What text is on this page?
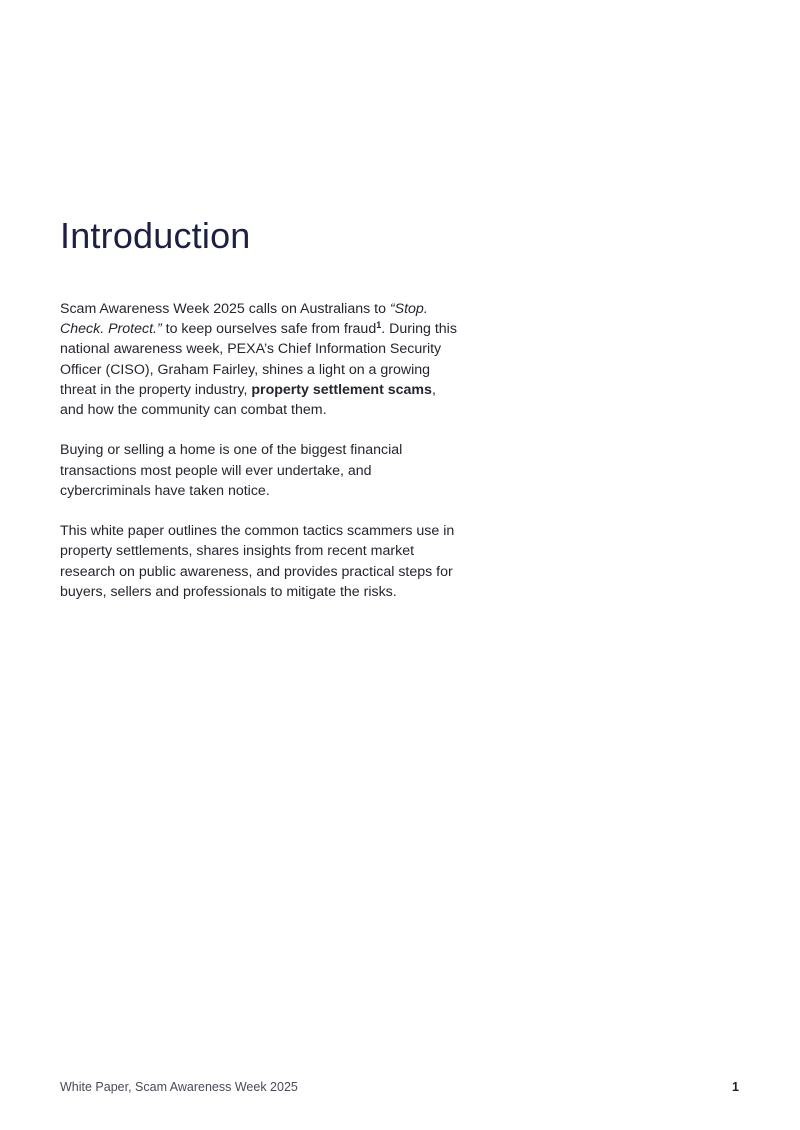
Introduction

Scam Awareness Week 2025 calls on Australians to “Stop. Check. Protect.” to keep ourselves safe from fraud$^1$. During this national awareness week, PEXA’s Chief Information Security Officer (CISO), Graham Fairley, shines a light on a growing threat in the property industry, property settlement scams, and how the community can combat them.

Buying or selling a home is one of the biggest financial transactions most people will ever undertake, and cybercriminals have taken notice.

This white paper outlines the common tactics scammers use in property settlements, shares insights from recent market research on public awareness, and provides practical steps for buyers, sellers and professionals to mitigate the risks.

White Paper, Scam Awareness Week 2025	1
